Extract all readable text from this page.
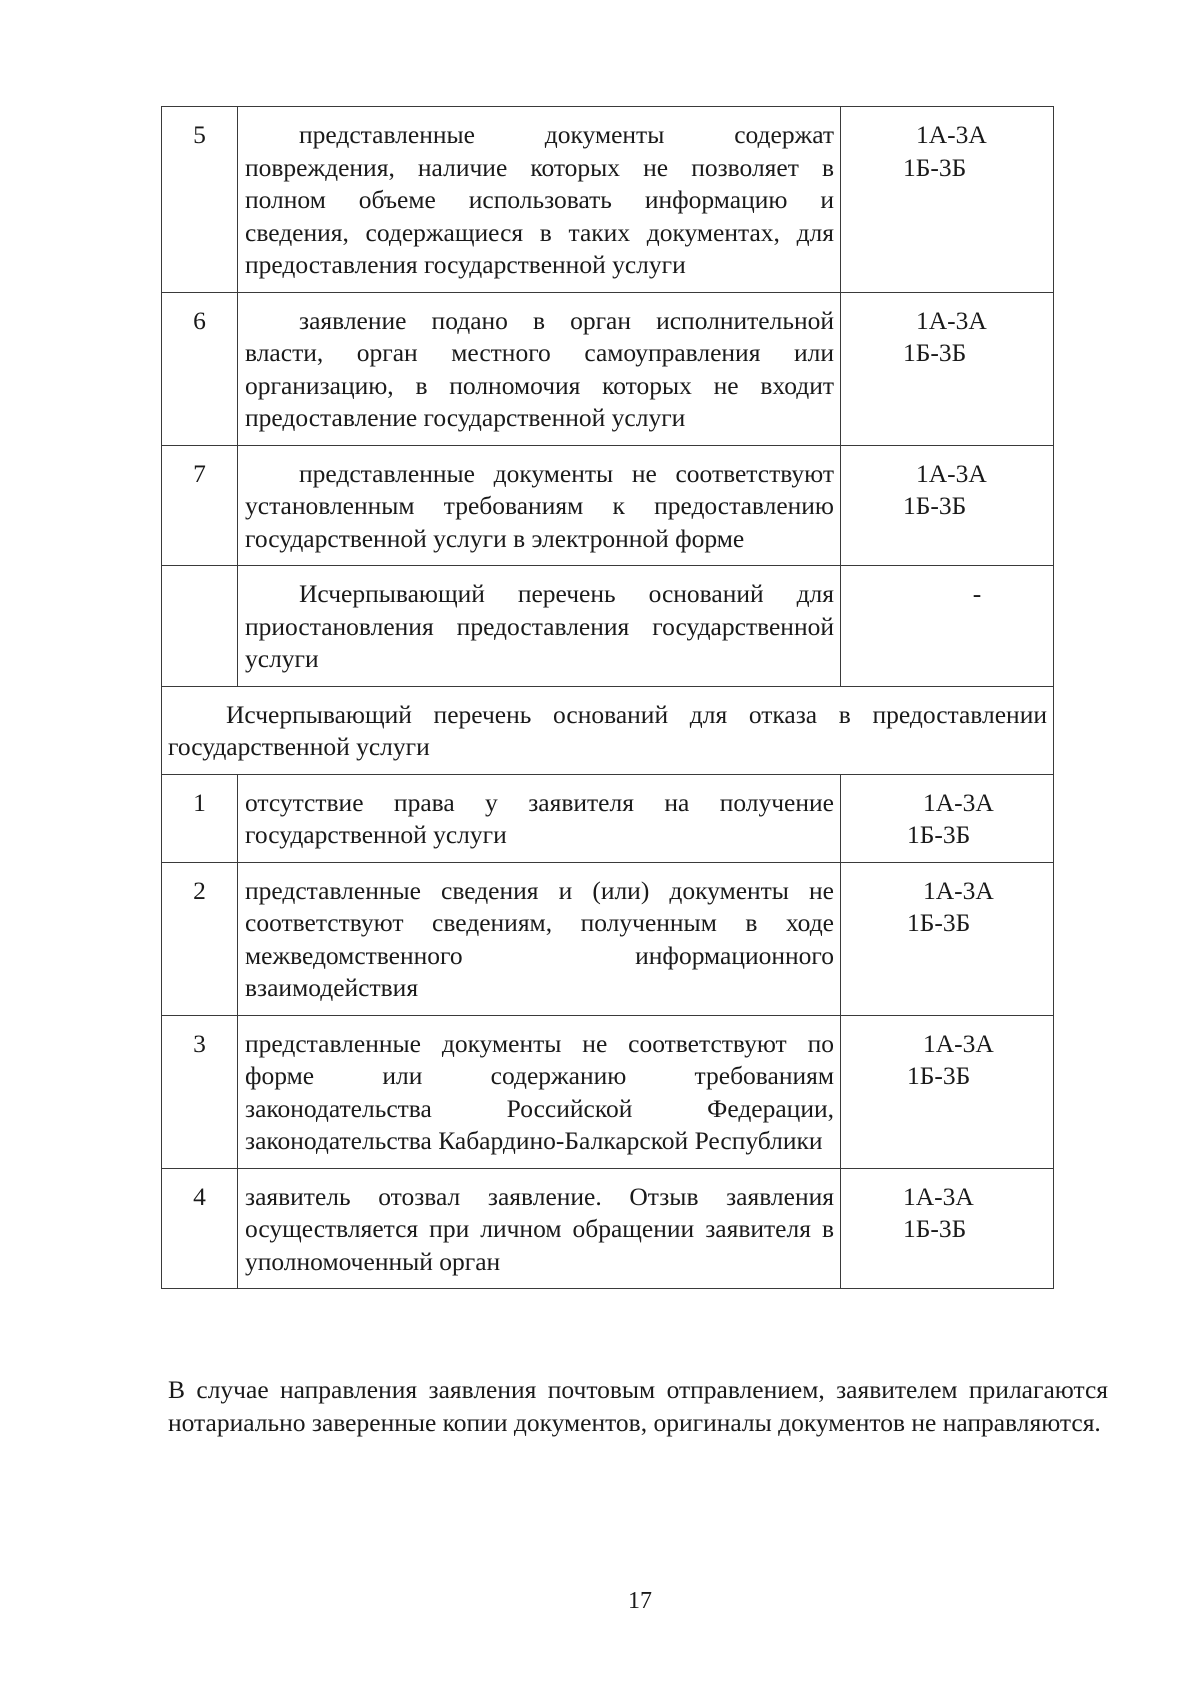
5	представленные документы содержат повреждения, наличие которых не позволяет в полном объеме использовать информацию и сведения, содержащиеся в таких документах, для предоставления государственной услуги	1А-3А
1Б-3Б

6	заявление подано в орган исполнительной власти, орган местного самоуправления или организацию, в полномочия которых не входит предоставление государственной услуги	1А-3А
1Б-3Б

7	представленные документы не соответствуют установленным требованиям к предоставлению государственной услуги в электронной форме	1А-3А
1Б-3Б

	Исчерпывающий перечень оснований для приостановления предоставления государственной услуги	-

Исчерпывающий перечень оснований для отказа в предоставлении государственной услуги		
1	отсутствие права у заявителя на получение государственной услуги	1А-3А
1Б-3Б

2	представленные сведения и (или) документы не соответствуют сведениям, полученным в ходе межведомственного информационного взаимодействия	1А-3А
1Б-3Б

3	представленные документы не соответствуют по форме или содержанию требованиям законодательства Российской Федерации, законодательства Кабардино-Балкарской Республики	1А-3А
1Б-3Б

4	заявитель отозвал заявление. Отзыв заявления осуществляется при личном обращении заявителя в уполномоченный орган	1А-3А
1Б-3Б

В случае направления заявления почтовым отправлением, заявителем прилагаются нотариально заверенные копии документов, оригиналы документов не направляются.

17
